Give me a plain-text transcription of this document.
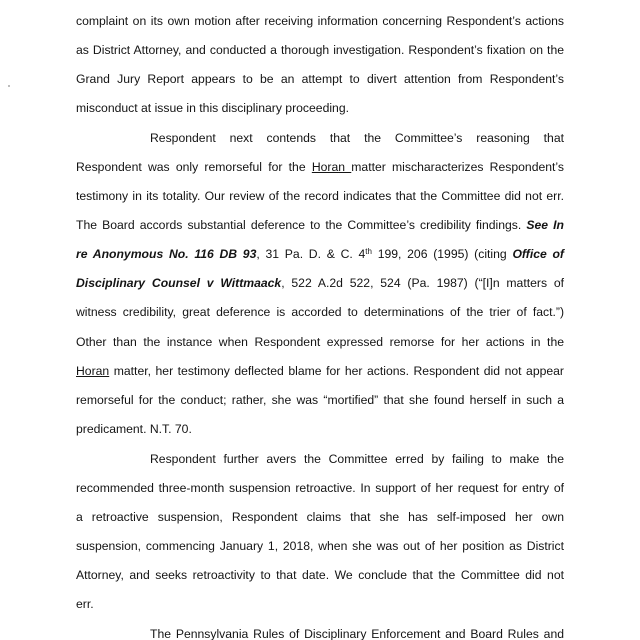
complaint on its own motion after receiving information concerning Respondent’s actions
as District Attorney, and conducted a thorough investigation. Respondent’s fixation on the
Grand Jury Report appears to be an attempt to divert attention from Respondent’s
misconduct at issue in this disciplinary proceeding.
Respondent next contends that the Committee’s reasoning that
Respondent was only remorseful for the Horan matter mischaracterizes Respondent’s
testimony in its totality. Our review of the record indicates that the Committee did not err.
The Board accords substantial deference to the Committee’s credibility findings. See In
re Anonymous No. 116 DB 93, 31 Pa. D. & C. 4th 199, 206 (1995) (citing Office of
Disciplinary Counsel v Wittmaack, 522 A.2d 522, 524 (Pa. 1987) (“[I]n matters of
witness credibility, great deference is accorded to determinations of the trier of fact.”)
Other than the instance when Respondent expressed remorse for her actions in the
Horan matter, her testimony deflected blame for her actions. Respondent did not appear
remorseful for the conduct; rather, she was “mortified” that she found herself in such a
predicament. N.T. 70.
Respondent further avers the Committee erred by failing to make the
recommended three-month suspension retroactive. In support of her request for entry of
a retroactive suspension, Respondent claims that she has self-imposed her own
suspension, commencing January 1, 2018, when she was out of her position as District
Attorney, and seeks retroactivity to that date. We conclude that the Committee did not
err.
The Pennsylvania Rules of Disciplinary Enforcement and Board Rules and
